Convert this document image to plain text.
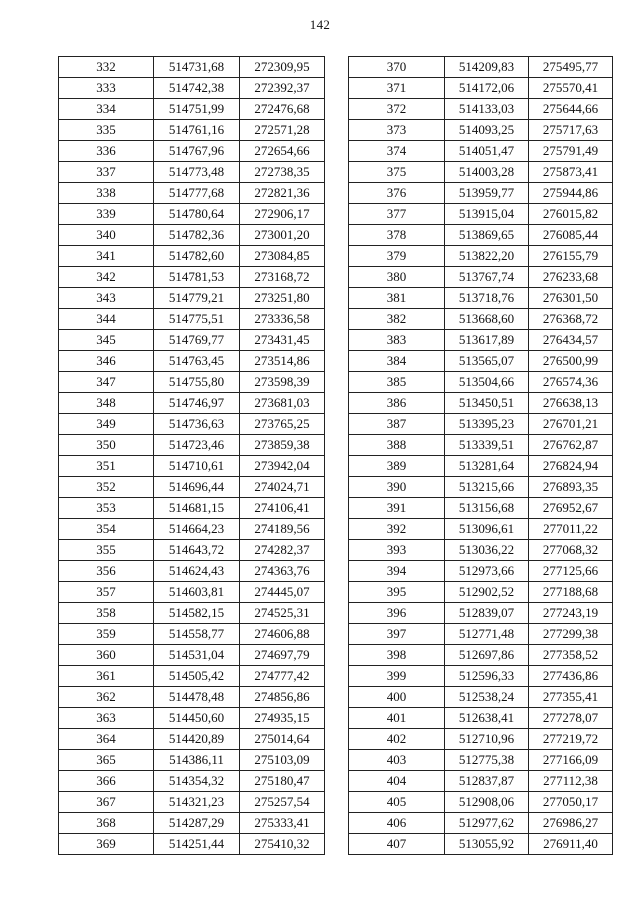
142
332	514731,68	272309,95
333	514742,38	272392,37
334	514751,99	272476,68
335	514761,16	272571,28
336	514767,96	272654,66
337	514773,48	272738,35
338	514777,68	272821,36
339	514780,64	272906,17
340	514782,36	273001,20
341	514782,60	273084,85
342	514781,53	273168,72
343	514779,21	273251,80
344	514775,51	273336,58
345	514769,77	273431,45
346	514763,45	273514,86
347	514755,80	273598,39
348	514746,97	273681,03
349	514736,63	273765,25
350	514723,46	273859,38
351	514710,61	273942,04
352	514696,44	274024,71
353	514681,15	274106,41
354	514664,23	274189,56
355	514643,72	274282,37
356	514624,43	274363,76
357	514603,81	274445,07
358	514582,15	274525,31
359	514558,77	274606,88
360	514531,04	274697,79
361	514505,42	274777,42
362	514478,48	274856,86
363	514450,60	274935,15
364	514420,89	275014,64
365	514386,11	275103,09
366	514354,32	275180,47
367	514321,23	275257,54
368	514287,29	275333,41
369	514251,44	275410,32
370	514209,83	275495,77
371	514172,06	275570,41
372	514133,03	275644,66
373	514093,25	275717,63
374	514051,47	275791,49
375	514003,28	275873,41
376	513959,77	275944,86
377	513915,04	276015,82
378	513869,65	276085,44
379	513822,20	276155,79
380	513767,74	276233,68
381	513718,76	276301,50
382	513668,60	276368,72
383	513617,89	276434,57
384	513565,07	276500,99
385	513504,66	276574,36
386	513450,51	276638,13
387	513395,23	276701,21
388	513339,51	276762,87
389	513281,64	276824,94
390	513215,66	276893,35
391	513156,68	276952,67
392	513096,61	277011,22
393	513036,22	277068,32
394	512973,66	277125,66
395	512902,52	277188,68
396	512839,07	277243,19
397	512771,48	277299,38
398	512697,86	277358,52
399	512596,33	277436,86
400	512538,24	277355,41
401	512638,41	277278,07
402	512710,96	277219,72
403	512775,38	277166,09
404	512837,87	277112,38
405	512908,06	277050,17
406	512977,62	276986,27
407	513055,92	276911,40
